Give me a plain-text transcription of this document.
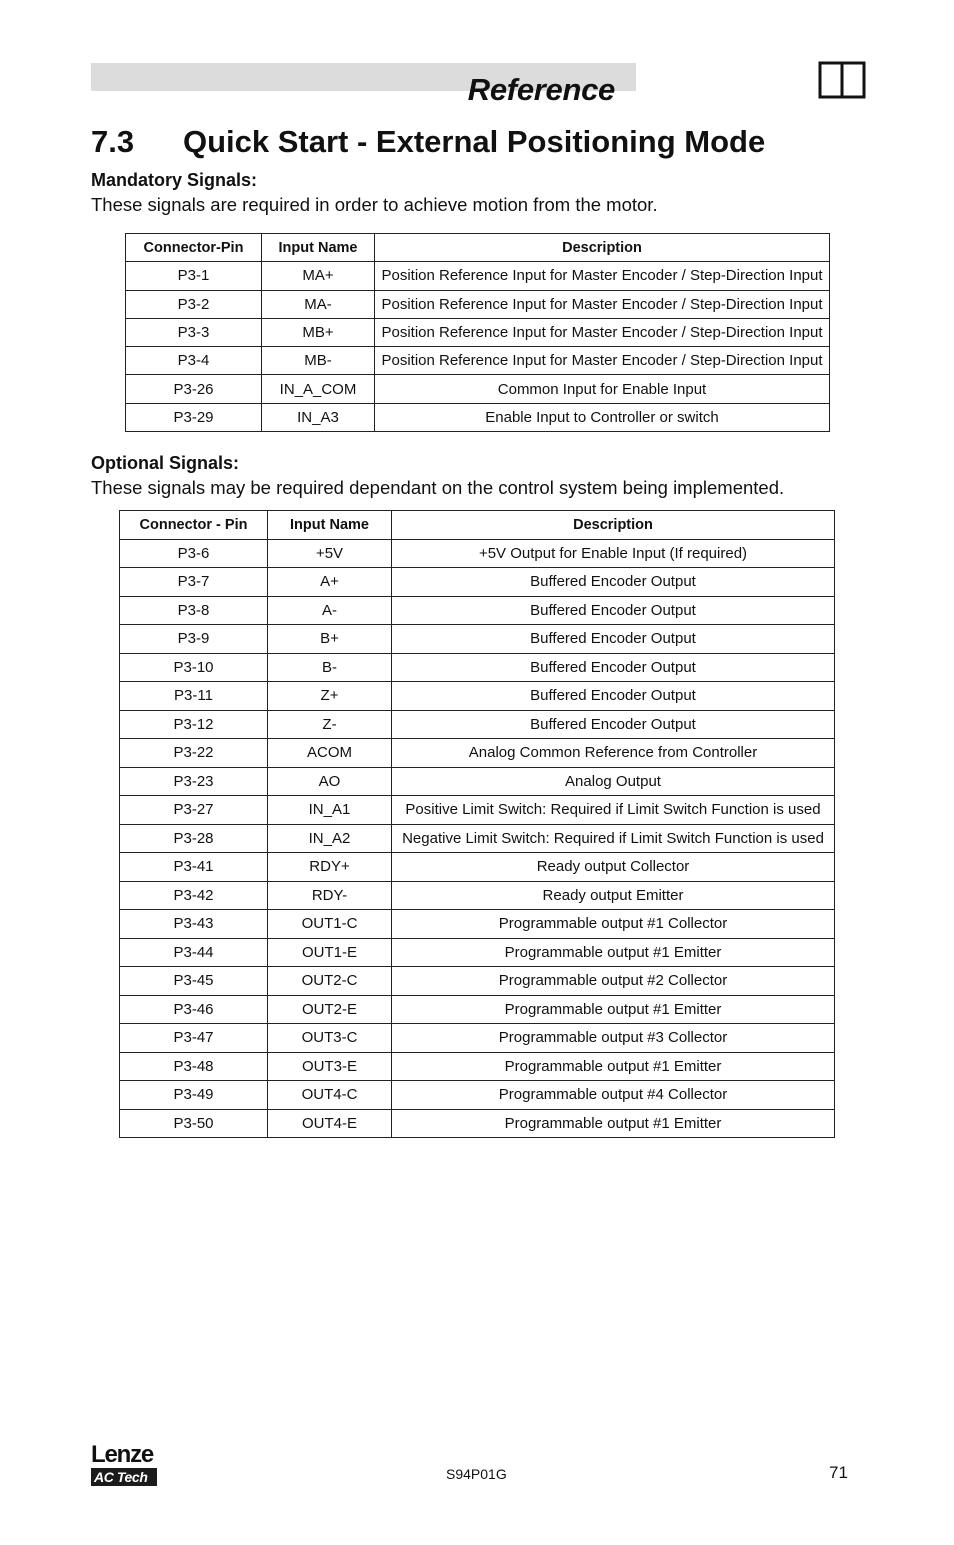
Reference
7.3 Quick Start - External Positioning Mode
Mandatory Signals:
These signals are required in order to achieve motion from the motor.
Connector-Pin	Input Name	Description
P3-1	MA+	Position Reference Input for Master Encoder / Step-Direction Input
P3-2	MA-	Position Reference Input for Master Encoder / Step-Direction Input
P3-3	MB+	Position Reference Input for Master Encoder / Step-Direction Input
P3-4	MB-	Position Reference Input for Master Encoder / Step-Direction Input
P3-26	IN_A_COM	Common Input for Enable Input
P3-29	IN_A3	Enable Input to Controller or switch
Optional Signals:
These signals may be required dependant on the control system being implemented.
Connector - Pin	Input Name	Description
P3-6	+5V	+5V Output for Enable Input (If required)
P3-7	A+	Buffered Encoder Output
P3-8	A-	Buffered Encoder Output
P3-9	B+	Buffered Encoder Output
P3-10	B-	Buffered Encoder Output
P3-11	Z+	Buffered Encoder Output
P3-12	Z-	Buffered Encoder Output
P3-22	ACOM	Analog Common Reference from Controller
P3-23	AO	Analog Output
P3-27	IN_A1	Positive Limit Switch: Required if Limit Switch Function is used
P3-28	IN_A2	Negative Limit Switch: Required if Limit Switch Function is used
P3-41	RDY+	Ready output Collector
P3-42	RDY-	Ready output Emitter
P3-43	OUT1-C	Programmable output #1 Collector
P3-44	OUT1-E	Programmable output #1 Emitter
P3-45	OUT2-C	Programmable output #2 Collector
P3-46	OUT2-E	Programmable output #1 Emitter
P3-47	OUT3-C	Programmable output #3 Collector
P3-48	OUT3-E	Programmable output #1 Emitter
P3-49	OUT4-C	Programmable output #4 Collector
P3-50	OUT4-E	Programmable output #1 Emitter
Lenze
AC Tech	S94P01G	71
